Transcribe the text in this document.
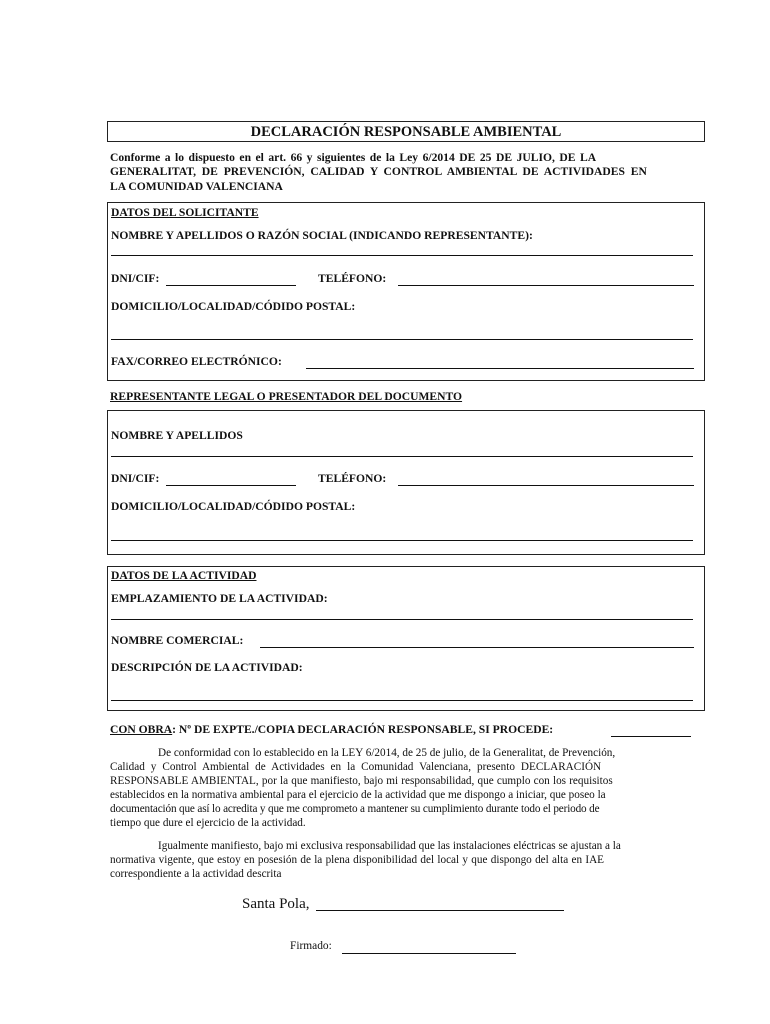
DECLARACIÓN RESPONSABLE AMBIENTAL
Conforme a lo dispuesto en el art. 66 y siguientes de la Ley 6/2014 DE 25 DE JULIO, DE LA
GENERALITAT, DE PREVENCIÓN, CALIDAD Y CONTROL AMBIENTAL DE ACTIVIDADES EN
LA COMUNIDAD VALENCIANA
DATOS DEL SOLICITANTE
NOMBRE Y APELLIDOS O RAZÓN SOCIAL (INDICANDO REPRESENTANTE):
DNI/CIF:	TELÉFONO:
DOMICILIO/LOCALIDAD/CÓDIDO POSTAL:
FAX/CORREO ELECTRÓNICO:
REPRESENTANTE LEGAL O PRESENTADOR DEL DOCUMENTO
NOMBRE Y APELLIDOS
DNI/CIF:	TELÉFONO:
DOMICILIO/LOCALIDAD/CÓDIDO POSTAL:
DATOS DE LA ACTIVIDAD
EMPLAZAMIENTO DE LA ACTIVIDAD:
NOMBRE COMERCIAL:
DESCRIPCIÓN DE LA ACTIVIDAD:
CON OBRA: Nº DE EXPTE./COPIA DECLARACIÓN RESPONSABLE, SI PROCEDE:
De conformidad con lo establecido en la LEY 6/2014, de 25 de julio, de la Generalitat, de Prevención,
Calidad y Control Ambiental de Actividades en la Comunidad Valenciana, presento DECLARACIÓN
RESPONSABLE AMBIENTAL, por la que manifiesto, bajo mi responsabilidad, que cumplo con los requisitos
establecidos en la normativa ambiental para el ejercicio de la actividad que me dispongo a iniciar, que poseo la
documentación que así lo acredita y que me comprometo a mantener su cumplimiento durante todo el periodo de
tiempo que dure el ejercicio de la actividad.
Igualmente manifiesto, bajo mi exclusiva responsabilidad que las instalaciones eléctricas se ajustan a la
normativa vigente, que estoy en posesión de la plena disponibilidad del local y que dispongo del alta en IAE
correspondiente a la actividad descrita
Santa Pola,
Firmado:
